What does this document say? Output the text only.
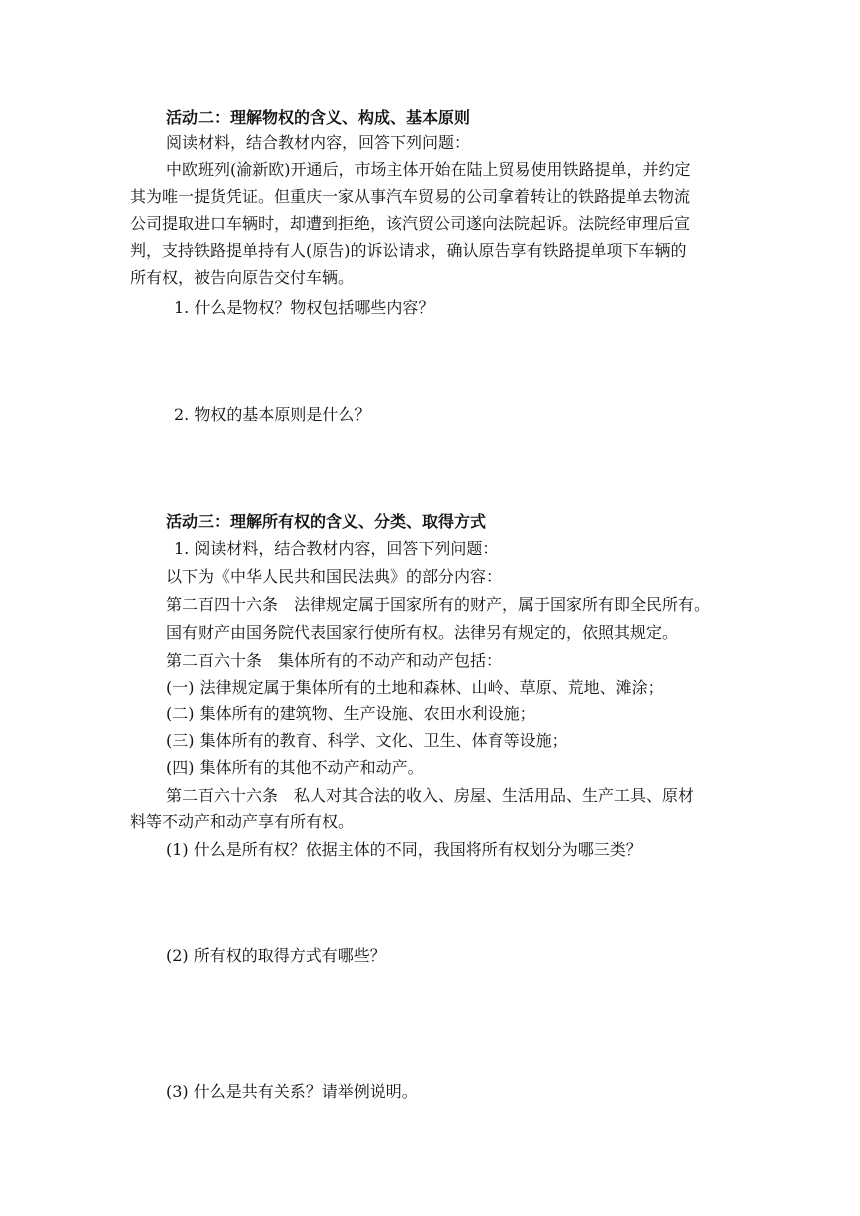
活动二：理解物权的含义、构成、基本原则
阅读材料，结合教材内容，回答下列问题：
中欧班列(渝新欧)开通后，市场主体开始在陆上贸易使用铁路提单，并约定
其为唯一提货凭证。但重庆一家从事汽车贸易的公司拿着转让的铁路提单去物流
公司提取进口车辆时，却遭到拒绝，该汽贸公司遂向法院起诉。法院经审理后宣
判，支持铁路提单持有人(原告)的诉讼请求，确认原告享有铁路提单项下车辆的
所有权，被告向原告交付车辆。
1. 什么是物权？物权包括哪些内容？
2. 物权的基本原则是什么？
活动三：理解所有权的含义、分类、取得方式
1. 阅读材料，结合教材内容，回答下列问题：
以下为《中华人民共和国民法典》的部分内容：
第二百四十六条　法律规定属于国家所有的财产，属于国家所有即全民所有。
国有财产由国务院代表国家行使所有权。法律另有规定的，依照其规定。
第二百六十条　集体所有的不动产和动产包括：
(一) 法律规定属于集体所有的土地和森林、山岭、草原、荒地、滩涂；
(二) 集体所有的建筑物、生产设施、农田水利设施；
(三) 集体所有的教育、科学、文化、卫生、体育等设施；
(四) 集体所有的其他不动产和动产。
第二百六十六条　私人对其合法的收入、房屋、生活用品、生产工具、原材
料等不动产和动产享有所有权。
(1) 什么是所有权？依据主体的不同，我国将所有权划分为哪三类？
(2) 所有权的取得方式有哪些？
(3) 什么是共有关系？请举例说明。
